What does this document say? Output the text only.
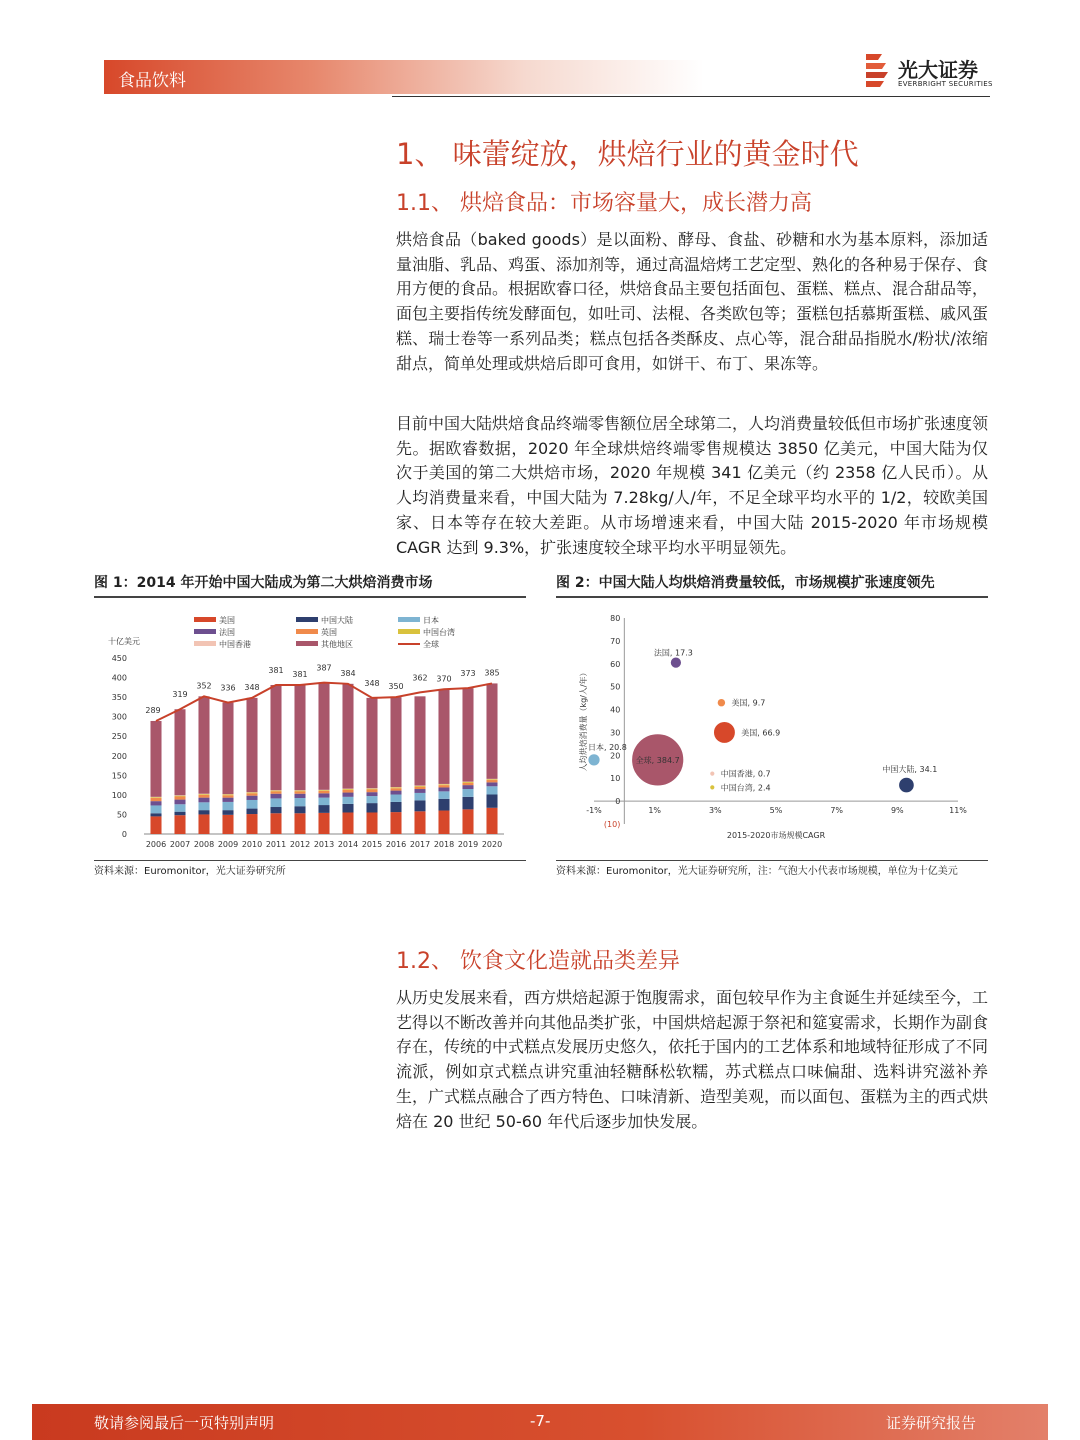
食品饮料	光大证券
EVERBRIGHT SECURITIES
1、 味蕾绽放，烘焙行业的黄金时代
1.1、 烘焙食品：市场容量大，成长潜力高

烘焙食品（baked goods）是以面粉、酵母、食盐、砂糖和水为基本原料，添加适量油脂、乳品、鸡蛋、添加剂等，通过高温焙烤工艺定型、熟化的各种易于保存、食用方便的食品。根据欧睿口径，烘焙食品主要包括面包、蛋糕、糕点、混合甜品等，面包主要指传统发酵面包，如吐司、法棍、各类欧包等；蛋糕包括慕斯蛋糕、戚风蛋糕、瑞士卷等一系列品类；糕点包括各类酥皮、点心等，混合甜品指脱水/粉状/浓缩甜点，简单处理或烘焙后即可食用，如饼干、布丁、果冻等。

目前中国大陆烘焙食品终端零售额位居全球第二，人均消费量较低但市场扩张速度领先。据欧睿数据，2020 年全球烘焙终端零售规模达 3850 亿美元，中国大陆为仅次于美国的第二大烘焙市场，2020 年规模 341 亿美元（约 2358 亿人民币）。从人均消费量来看，中国大陆为 7.28kg/人/年，不足全球平均水平的 1/2，较欧美国家、日本等存在较大差距。从市场增速来看，中国大陆 2015-2020 年市场规模 CAGR 达到 9.3%，扩张速度较全球平均水平明显领先。

图 1：2014 年开始中国大陆成为第二大烘焙消费市场
美国	中国大陆	日本
法国	英国	中国台湾
中国香港	其他地区	全球
十亿美元
0
50
100
150
200
250
300
350
400
450
2006
289
2007
319
2008
352
2009
336
2010
348
2011
381
2012
381
2013
387
2014
384
2015
348
2016
350
2017
362
2018
370
2019
373
2020
385
资料来源：Euromonitor，光大证券研究所
图 2：中国大陆人均烘焙消费量较低，市场规模扩张速度领先
80
70
60
50
40
30
20
10
0
(10)
-1%	1%	3%	5%	7%	9%	11%
2015-2020市场规模CAGR
人均烘焙消费量（kg/人/年）	全球, 384.7
美国, 66.9
中国大陆, 34.1
日本, 20.8
法国, 17.3
美国, 9.7
中国台湾, 2.4
中国香港, 0.7
资料来源：Euromonitor，光大证券研究所，注：气泡大小代表市场规模，单位为十亿美元
1.2、 饮食文化造就品类差异

从历史发展来看，西方烘焙起源于饱腹需求，面包较早作为主食诞生并延续至今，工艺得以不断改善并向其他品类扩张，中国烘焙起源于祭祀和筵宴需求，长期作为副食存在，传统的中式糕点发展历史悠久，依托于国内的工艺体系和地域特征形成了不同流派，例如京式糕点讲究重油轻糖酥松软糯，苏式糕点口味偏甜、选料讲究滋补养生，广式糕点融合了西方特色、口味清新、造型美观，而以面包、蛋糕为主的西式烘焙在 20 世纪 50-60 年代后逐步加快发展。

敬请参阅最后一页特别声明	-7-	证券研究报告
